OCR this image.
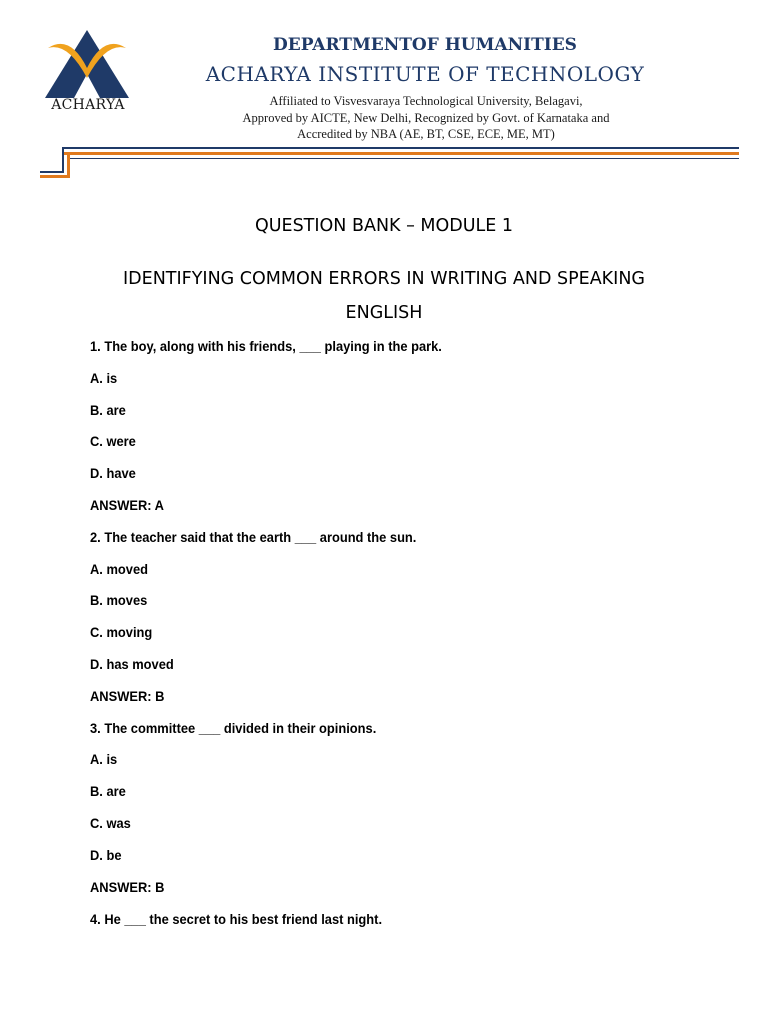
ACHARYA
DEPARTMENTOF HUMANITIES
ACHARYA INSTITUTE OF TECHNOLOGY
Affiliated to Visvesvaraya Technological University, Belagavi,
Approved by AICTE, New Delhi, Recognized by Govt. of Karnataka and
Accredited by NBA (AE, BT, CSE, ECE, ME, MT)
QUESTION BANK – MODULE 1
IDENTIFYING COMMON ERRORS IN WRITING AND SPEAKING ENGLISH
1. The boy, along with his friends, ___ playing in the park.
A. is
B. are
C. were
D. have
ANSWER: A
2. The teacher said that the earth ___ around the sun.
A. moved
B. moves
C. moving
D. has moved
ANSWER: B
3. The committee ___ divided in their opinions.
A. is
B. are
C. was
D. be
ANSWER: B
4. He ___ the secret to his best friend last night.
